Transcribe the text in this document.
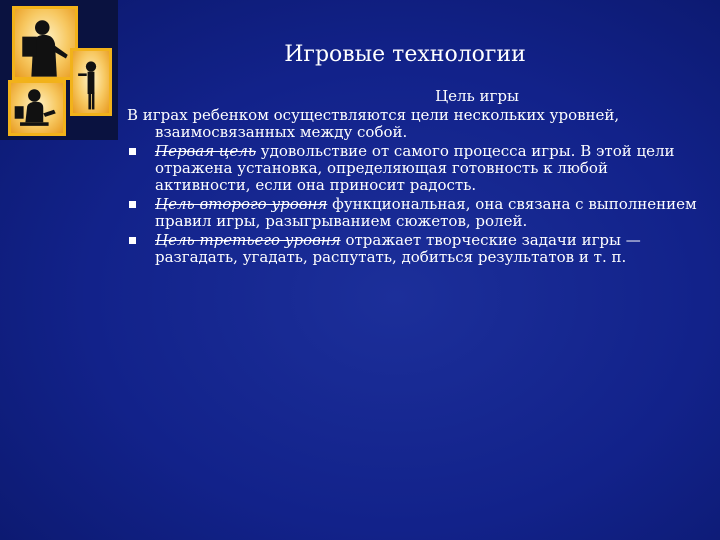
Игровые технологии
Цель игры

В играх ребенком осуществляются цели нескольких уровней, взаимосвязанных между собой.

Первая цель удовольствие от самого процесса игры. В этой цели отражена установка, определяющая готовность к любой активности, если она приносит радость.
Цель второго уровня функциональная, она связана с выполнением правил игры, разыгрыванием сюжетов, ролей.
Цель третьего уровня отражает творческие задачи игры — разгадать, угадать, распутать, добиться результатов и т. п.
